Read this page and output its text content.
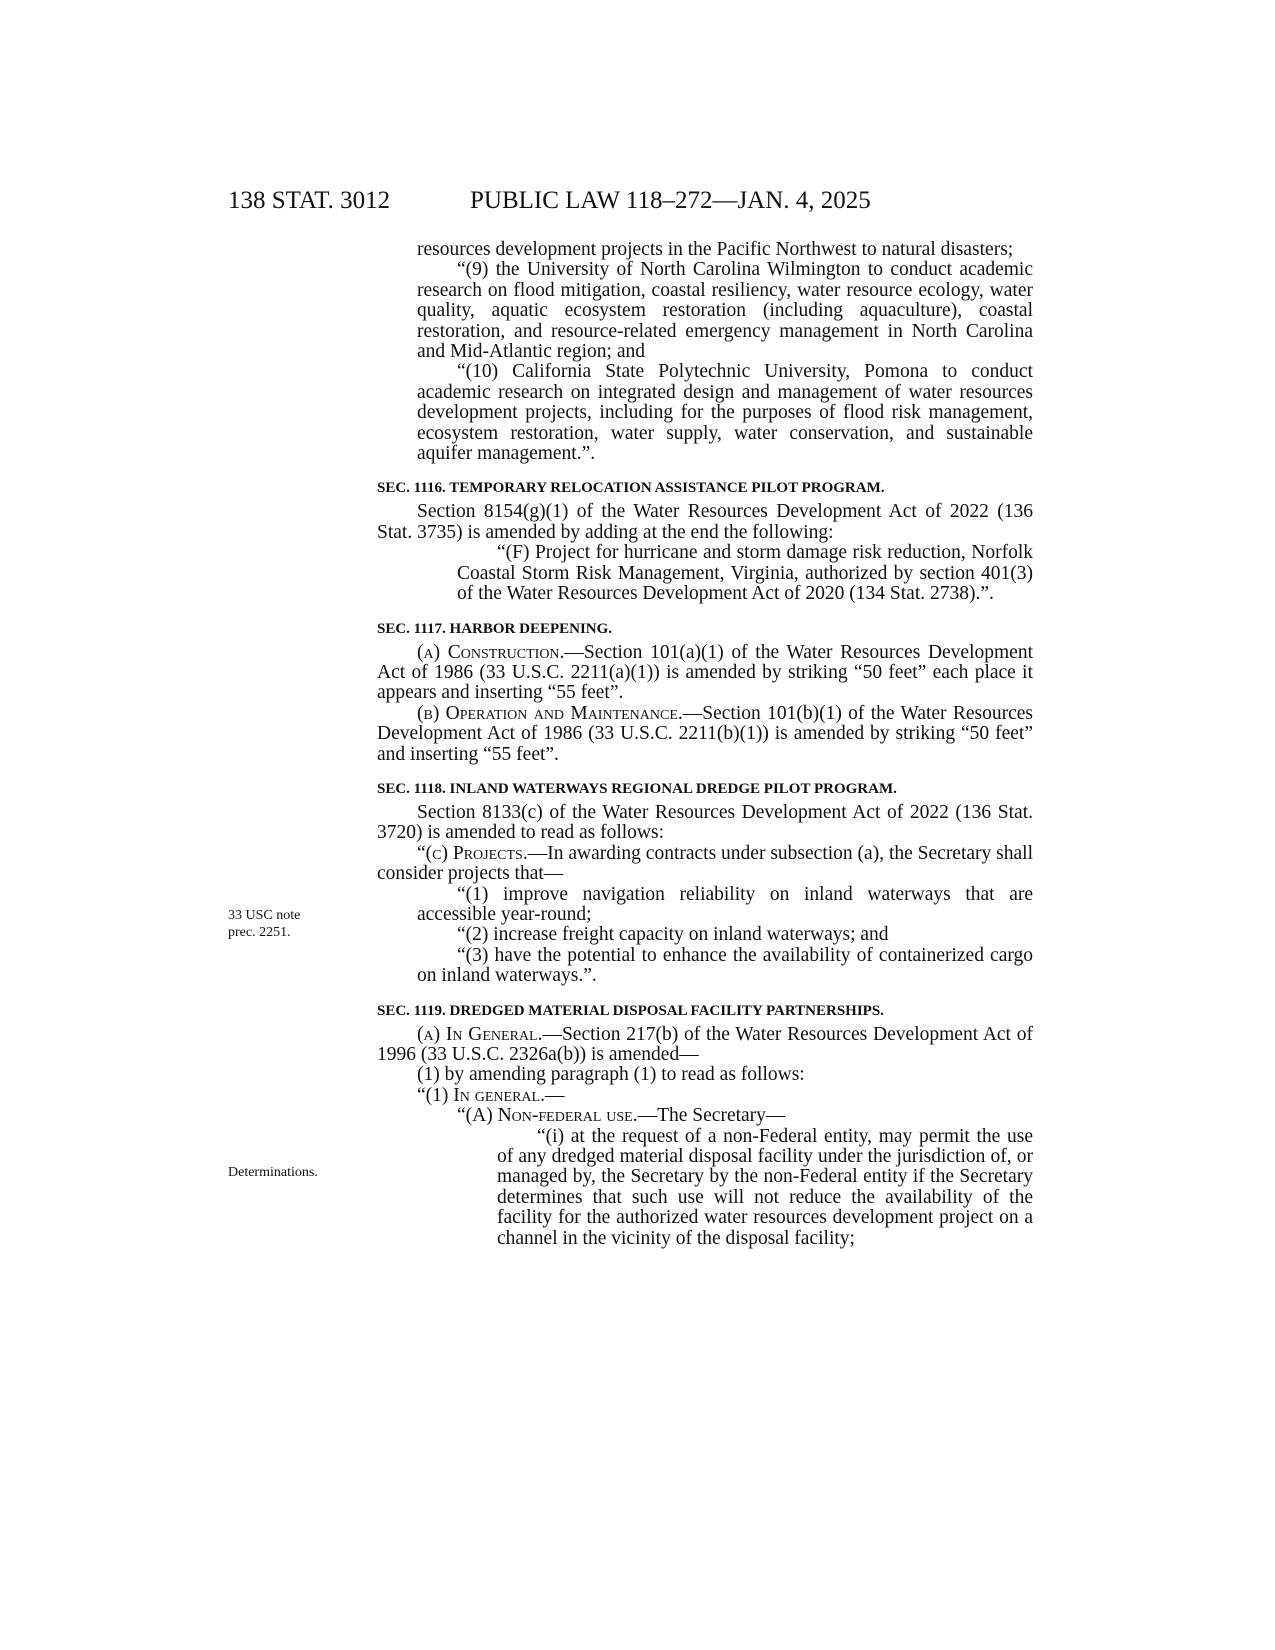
138 STAT. 3012	PUBLIC LAW 118–272—JAN. 4, 2025
33 USC note
prec. 2251.
Determinations.

resources development projects in the Pacific Northwest to natural disasters;

“(9) the University of North Carolina Wilmington to conduct academic research on flood mitigation, coastal resiliency, water resource ecology, water quality, aquatic ecosystem restoration (including aquaculture), coastal restoration, and resource-related emergency management in North Carolina and Mid-Atlantic region; and

“(10) California State Polytechnic University, Pomona to conduct academic research on integrated design and management of water resources development projects, including for the purposes of flood risk management, ecosystem restoration, water supply, water conservation, and sustainable aquifer management.”.

SEC. 1116. TEMPORARY RELOCATION ASSISTANCE PILOT PROGRAM.

Section 8154(g)(1) of the Water Resources Development Act of 2022 (136 Stat. 3735) is amended by adding at the end the following:

“(F) Project for hurricane and storm damage risk reduction, Norfolk Coastal Storm Risk Management, Virginia, authorized by section 401(3) of the Water Resources Development Act of 2020 (134 Stat. 2738).”.

SEC. 1117. HARBOR DEEPENING.

(a) Construction.—Section 101(a)(1) of the Water Resources Development Act of 1986 (33 U.S.C. 2211(a)(1)) is amended by striking “50 feet” each place it appears and inserting “55 feet”.

(b) Operation and Maintenance.—Section 101(b)(1) of the Water Resources Development Act of 1986 (33 U.S.C. 2211(b)(1)) is amended by striking “50 feet” and inserting “55 feet”.

SEC. 1118. INLAND WATERWAYS REGIONAL DREDGE PILOT PROGRAM.

Section 8133(c) of the Water Resources Development Act of 2022 (136 Stat. 3720) is amended to read as follows:

“(c) Projects.—In awarding contracts under subsection (a), the Secretary shall consider projects that—

“(1) improve navigation reliability on inland waterways that are accessible year-round;

“(2) increase freight capacity on inland waterways; and

“(3) have the potential to enhance the availability of containerized cargo on inland waterways.”.

SEC. 1119. DREDGED MATERIAL DISPOSAL FACILITY PARTNERSHIPS.

(a) In General.—Section 217(b) of the Water Resources Development Act of 1996 (33 U.S.C. 2326a(b)) is amended—

(1) by amending paragraph (1) to read as follows:

“(1) In general.—

“(A) Non-federal use.—The Secretary—

“(i) at the request of a non-Federal entity, may permit the use of any dredged material disposal facility under the jurisdiction of, or managed by, the Secretary by the non-Federal entity if the Secretary determines that such use will not reduce the availability of the facility for the authorized water resources development project on a channel in the vicinity of the disposal facility;
